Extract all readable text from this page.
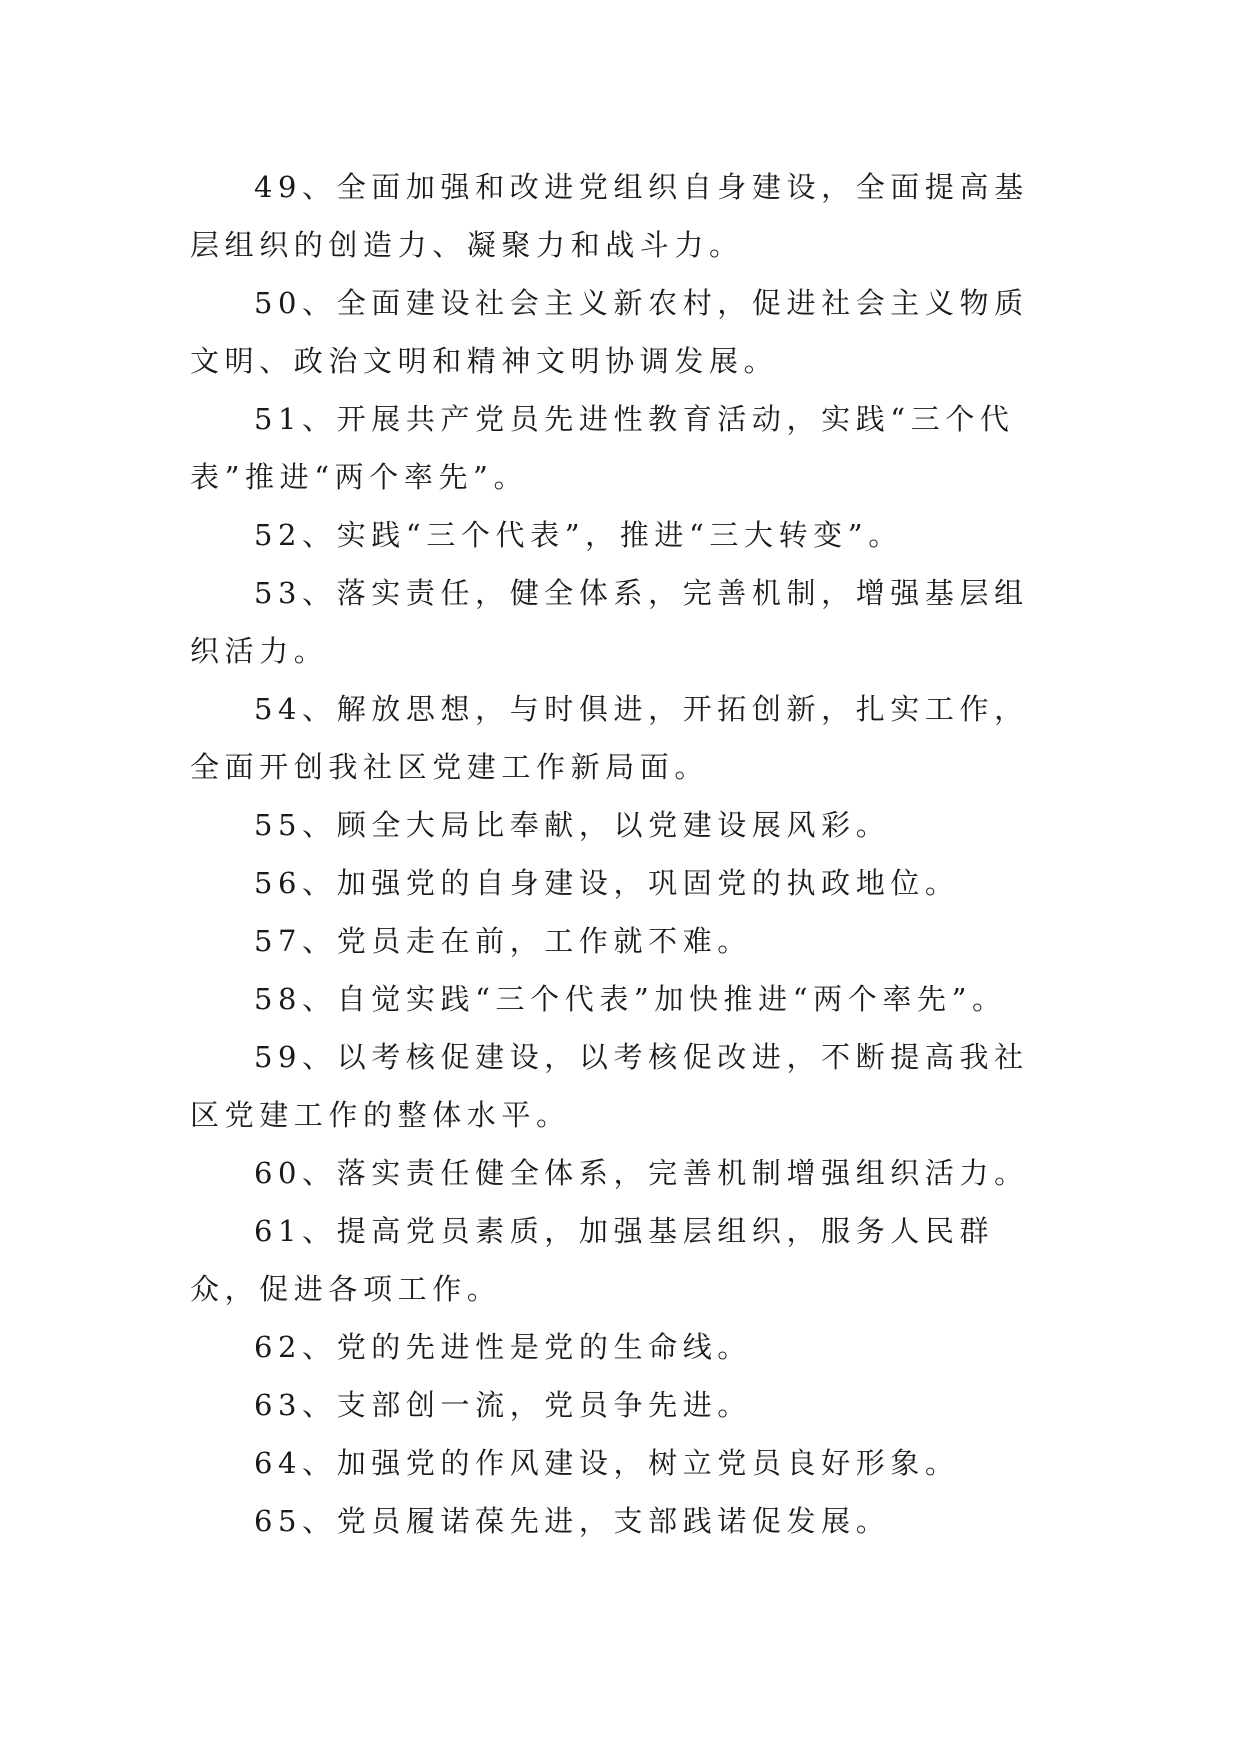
49、全面加强和改进党组织自身建设，全面提高基层组织的创造力、凝聚力和战斗力。

50、全面建设社会主义新农村，促进社会主义物质文明、政治文明和精神文明协调发展。

51、开展共产党员先进性教育活动，实践“三个代表”推进“两个率先”。

52、实践“三个代表”，推进“三大转变”。

53、落实责任，健全体系，完善机制，增强基层组织活力。

54、解放思想，与时俱进，开拓创新，扎实工作，全面开创我社区党建工作新局面。

55、顾全大局比奉献，以党建设展风彩。

56、加强党的自身建设，巩固党的执政地位。

57、党员走在前，工作就不难。

58、自觉实践“三个代表”加快推进“两个率先”。

59、以考核促建设，以考核促改进，不断提高我社区党建工作的整体水平。

60、落实责任健全体系，完善机制增强组织活力。

61、提高党员素质，加强基层组织，服务人民群众，促进各项工作。

62、党的先进性是党的生命线。

63、支部创一流，党员争先进。

64、加强党的作风建设，树立党员良好形象。

65、党员履诺葆先进，支部践诺促发展。
